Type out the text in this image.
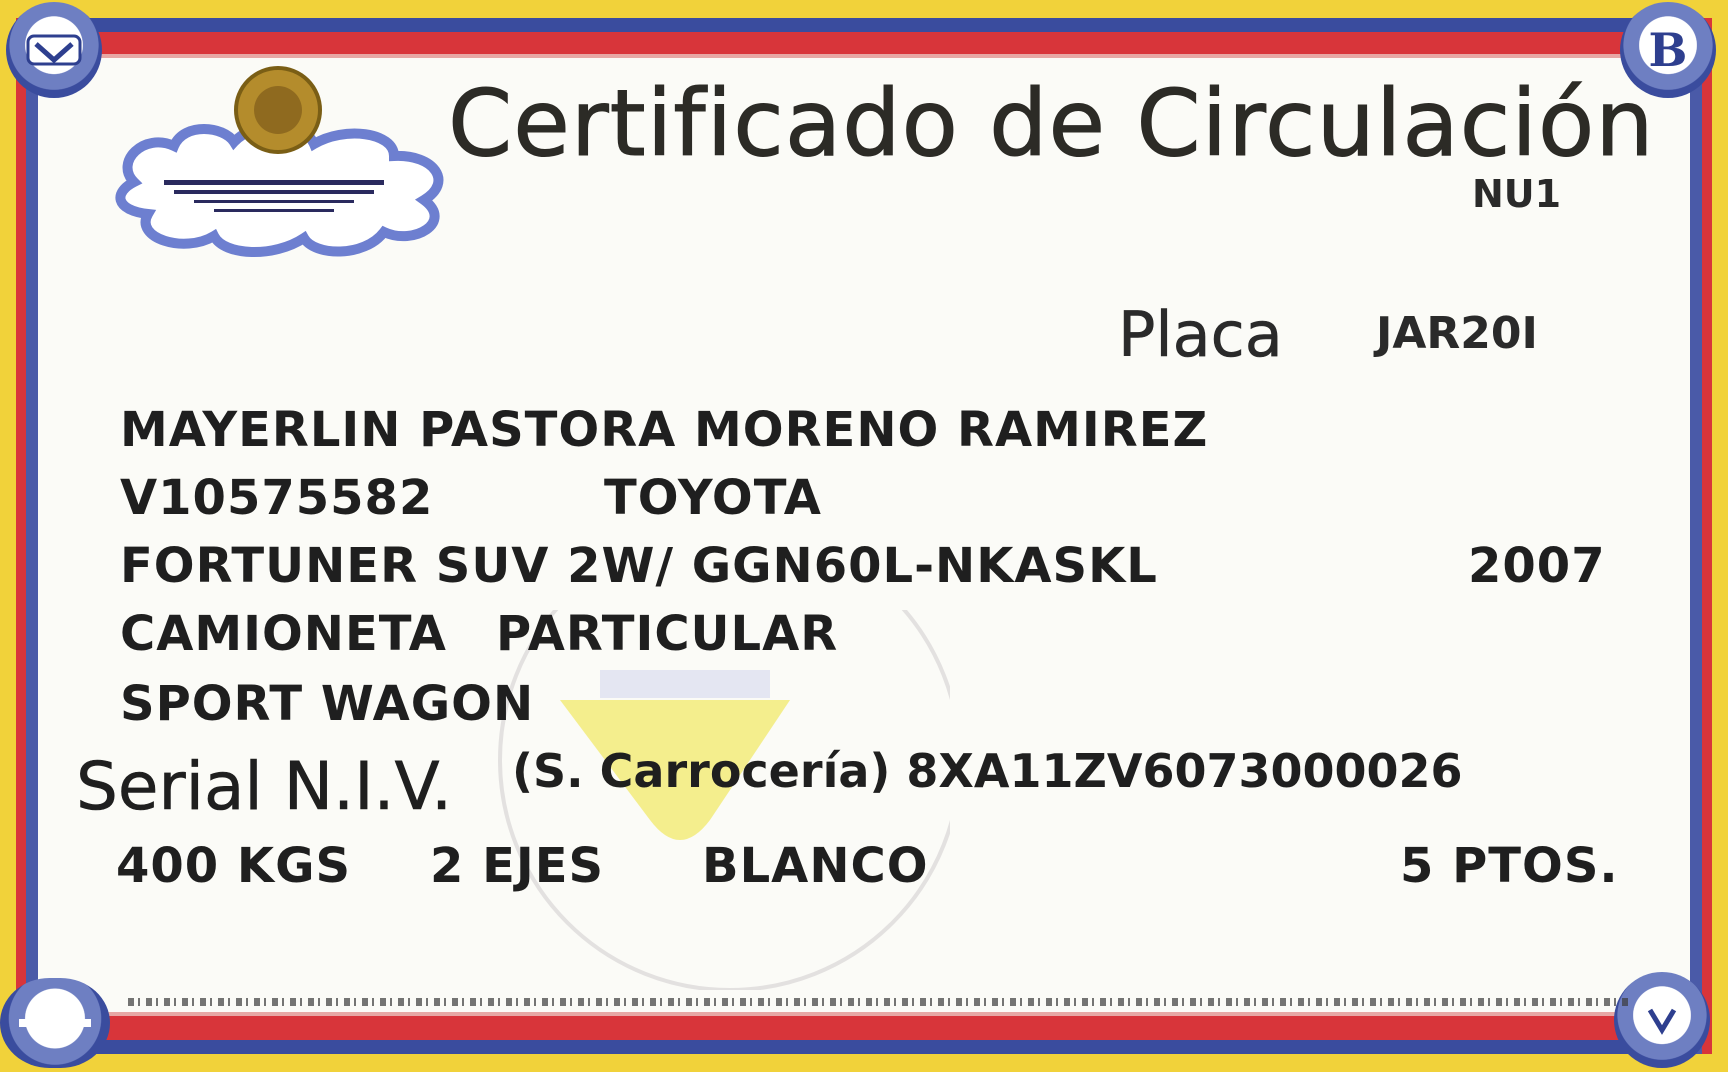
B
Certificado de Circulación
NU1
Placa JAR20I
MAYERLIN PASTORA MORENO RAMIREZ
V10575582	TOYOTA
FORTUNER SUV 2W/ GGN60L-NKASKL	2007
CAMIONETA PARTICULAR
SPORT WAGON
Serial N.I.V. (S. Carrocería) 8XA11ZV6073000026
400 KGS 2 EJES BLANCO	5 PTOS.
